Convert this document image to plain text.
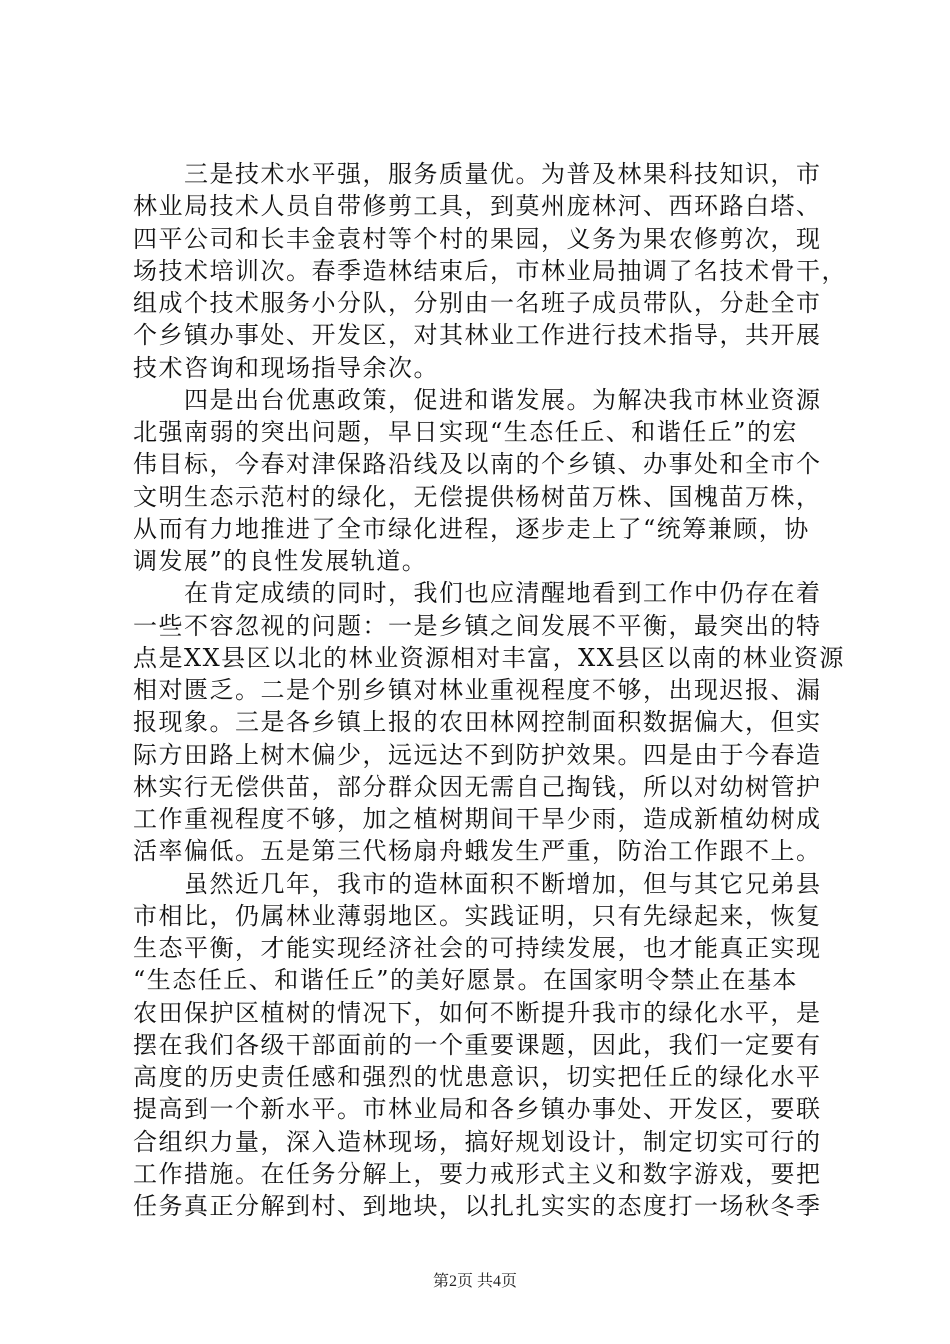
　　三是技术水平强，服务质量优。为普及林果科技知识，市
林业局技术人员自带修剪工具，到莫州庞林河、西环路白塔、
四平公司和长丰金袁村等个村的果园，义务为果农修剪次，现
场技术培训次。春季造林结束后，市林业局抽调了名技术骨干，
组成个技术服务小分队，分别由一名班子成员带队，分赴全市
个乡镇办事处、开发区，对其林业工作进行技术指导，共开展
技术咨询和现场指导余次。
　　四是出台优惠政策，促进和谐发展。为解决我市林业资源
北强南弱的突出问题，早日实现“生态任丘、和谐任丘”的宏
伟目标，今春对津保路沿线及以南的个乡镇、办事处和全市个
文明生态示范村的绿化，无偿提供杨树苗万株、国槐苗万株，
从而有力地推进了全市绿化进程，逐步走上了“统筹兼顾，协
调发展”的良性发展轨道。
　　在肯定成绩的同时，我们也应清醒地看到工作中仍存在着
一些不容忽视的问题：一是乡镇之间发展不平衡，最突出的特
点是XX县区以北的林业资源相对丰富，XX县区以南的林业资源
相对匮乏。二是个别乡镇对林业重视程度不够，出现迟报、漏
报现象。三是各乡镇上报的农田林网控制面积数据偏大，但实
际方田路上树木偏少，远远达不到防护效果。四是由于今春造
林实行无偿供苗，部分群众因无需自己掏钱，所以对幼树管护
工作重视程度不够，加之植树期间干旱少雨，造成新植幼树成
活率偏低。五是第三代杨扇舟蛾发生严重，防治工作跟不上。
　　虽然近几年，我市的造林面积不断增加，但与其它兄弟县
市相比，仍属林业薄弱地区。实践证明，只有先绿起来，恢复
生态平衡，才能实现经济社会的可持续发展，也才能真正实现
“生态任丘、和谐任丘”的美好愿景。在国家明令禁止在基本
农田保护区植树的情况下，如何不断提升我市的绿化水平，是
摆在我们各级干部面前的一个重要课题，因此，我们一定要有
高度的历史责任感和强烈的忧患意识，切实把任丘的绿化水平
提高到一个新水平。市林业局和各乡镇办事处、开发区，要联
合组织力量，深入造林现场，搞好规划设计，制定切实可行的
工作措施。在任务分解上，要力戒形式主义和数字游戏，要把
任务真正分解到村、到地块，以扎扎实实的态度打一场秋冬季
第2页 共4页
